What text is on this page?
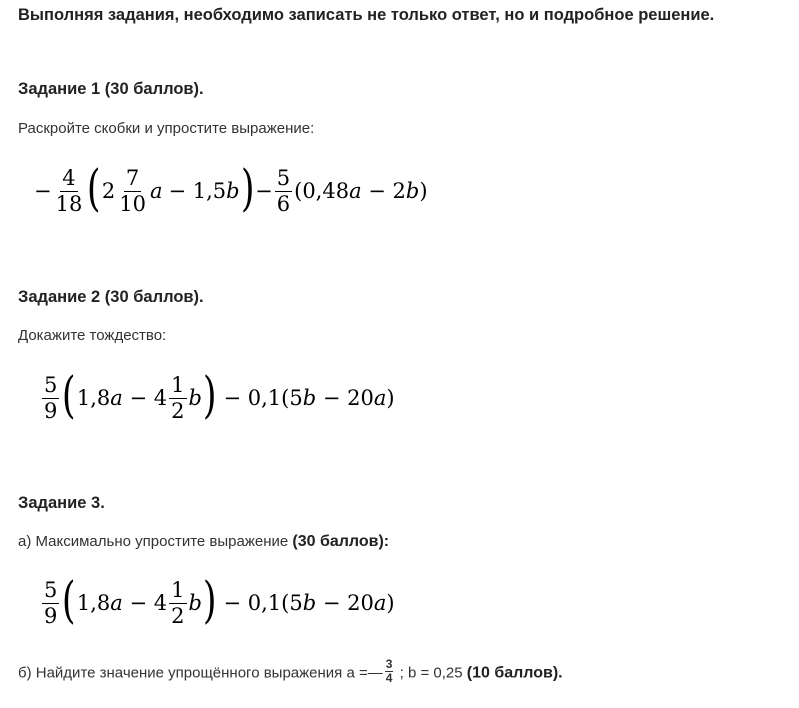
Выполняя задания, необходимо записать не только ответ, но и подробное решение.
Задание 1 (30 баллов).
Раскройте скобки и упростите выражение:
− $\frac{4}{18}$ ( $2 \frac{7}{10}$ a − 1,5 b ) − $\frac{5}{6} (0,48$ a − 2 b )
Задание 2 (30 баллов).
Докажите тождество:
$\frac{5}{9}$ ( 1,8 $a - 4 \frac{1}{2}$ b ) − 0,1(5 b − 20 a )
Задание 3.
а) Максимально упростите выражение (30 баллов):
$\frac{5}{9}$ ( 1,8 $a - 4 \frac{1}{2}$ b ) − 0,1(5 b − 20 a )
б) Найдите значение упрощённого выражения а =— $\frac{3}{4}$ ; b = 0,25 (10 баллов).
